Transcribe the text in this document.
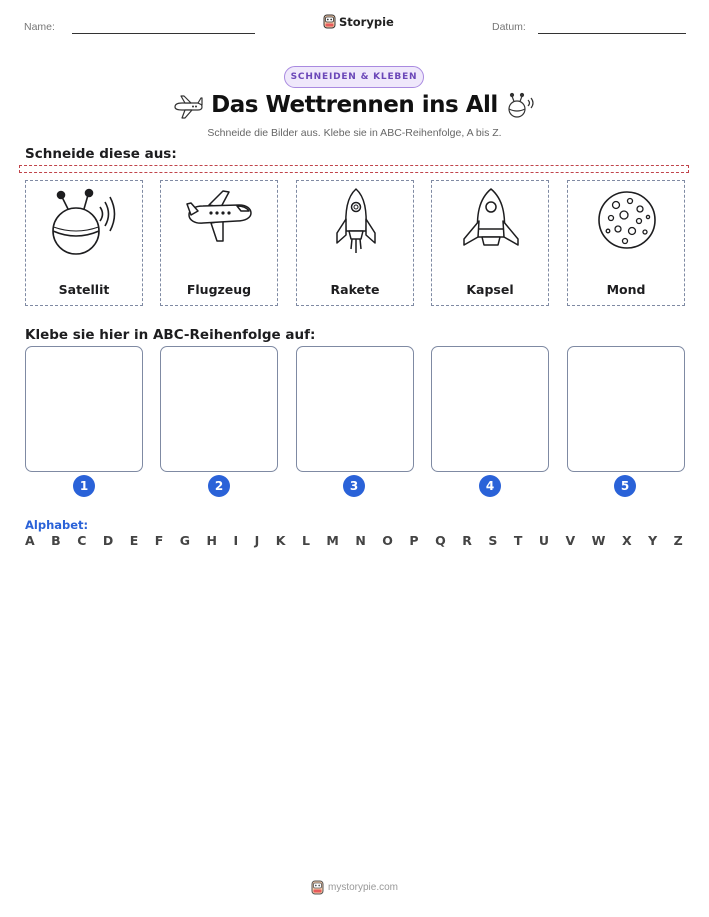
Name:	Storypie	Datum:
SCHNEIDEN & KLEBEN
Das Wettrennen ins All
Schneide die Bilder aus. Klebe sie in ABC-Reihenfolge, A bis Z.
Schneide diese aus:
Satellit	Flugzeug	Rakete	Kapsel	Mond
Klebe sie hier in ABC-Reihenfolge auf:
1	2	3	4	5
Alphabet:
A B C D E F G H I J K L M N O P Q R S T U V W X Y Z
mystorypie.com
